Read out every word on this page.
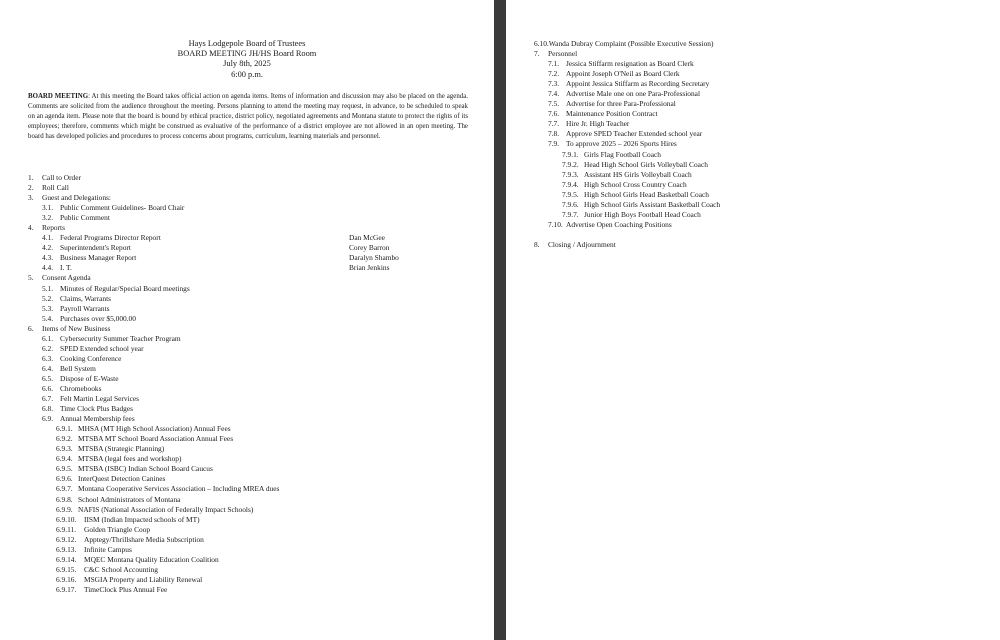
Hays Lodgepole Board of Trustees
BOARD MEETING JH/HS Board Room
July 8th, 2025
6:00 p.m.
BOARD MEETING: At this meeting the Board takes official action on agenda items. Items of information and discussion may also be placed on the agenda. Comments are solicited from the audience throughout the meeting. Persons planning to attend the meeting may request, in advance, to be scheduled to speak on an agenda item. Please note that the board is bound by ethical practice, district policy, negotiated agreements and Montana statute to protect the rights of its employees; therefore, comments which might be construed as evaluative of the performance of a district employee are not allowed in an open meeting. The board has developed policies and procedures to process concerns about programs, curriculum, learning materials and personnel.
1. Call to Order
2. Roll Call
3. Guest and Delegations:
3.1. Public Comment Guidelines- Board Chair
3.2. Public Comment
4. Reports
4.1. Federal Programs Director Report	Dan McGee
4.2. Superintendent's Report	Corey Barron
4.3. Business Manager Report	Daralyn Shambo
4.4. I. T.	Brian Jenkins
5. Consent Agenda
5.1. Minutes of Regular/Special Board meetings
5.2. Claims, Warrants
5.3. Payroll Warrants
5.4. Purchases over $5,000.00
6. Items of New Business
6.1. Cybersecurity Summer Teacher Program
6.2. SPED Extended school year
6.3. Cooking Conference
6.4. Bell System
6.5. Dispose of E-Waste
6.6. Chromebooks
6.7. Felt Martin Legal Services
6.8. Time Clock Plus Badges
6.9. Annual Membership fees
6.9.1. MHSA (MT High School Association) Annual Fees
6.9.2. MTSBA MT School Board Association Annual Fees
6.9.3. MTSBA (Strategic Planning)
6.9.4. MTSBA (legal fees and workshop)
6.9.5. MTSBA (ISBC) Indian School Board Caucus
6.9.6. InterQuest Detection Canines
6.9.7. Montana Cooperative Services Association – Including MREA dues
6.9.8. School Administrators of Montana
6.9.9. NAFIS (National Association of Federally Impact Schools)
6.9.10. IISM (Indian Impacted schools of MT)
6.9.11. Golden Triangle Coop
6.9.12. Apptegy/Thrillshare Media Subscription
6.9.13. Infinite Campus
6.9.14. MQEC Montana Quality Education Coalition
6.9.15. C&C School Accounting
6.9.16. MSGIA Property and Liability Renewal
6.9.17. TimeClock Plus Annual Fee
6.10.Wanda Dubray Complaint (Possible Executive Session)
7. Personnel
7.1. Jessica Stiffarm resignation as Board Clerk
7.2. Appoint Joseph O'Neil as Board Clerk
7.3. Appoint Jessica Stiffarm as Recording Secretary
7.4. Advertise Male one on one Para-Professional
7.5. Advertise for three Para-Professional
7.6. Maintenance Position Contract
7.7. Hire Jr. High Teacher
7.8. Approve SPED Teacher Extended school year
7.9. To approve 2025 – 2026 Sports Hires
7.9.1. Girls Flag Football Coach
7.9.2. Head High School Girls Volleyball Coach
7.9.3. Assistant HS Girls Volleyball Coach
7.9.4. High School Cross Country Coach
7.9.5. High School Girls Head Basketball Coach
7.9.6. High School Girls Assistant Basketball Coach
7.9.7. Junior High Boys Football Head Coach
7.10. Advertise Open Coaching Positions
8. Closing / Adjournment
